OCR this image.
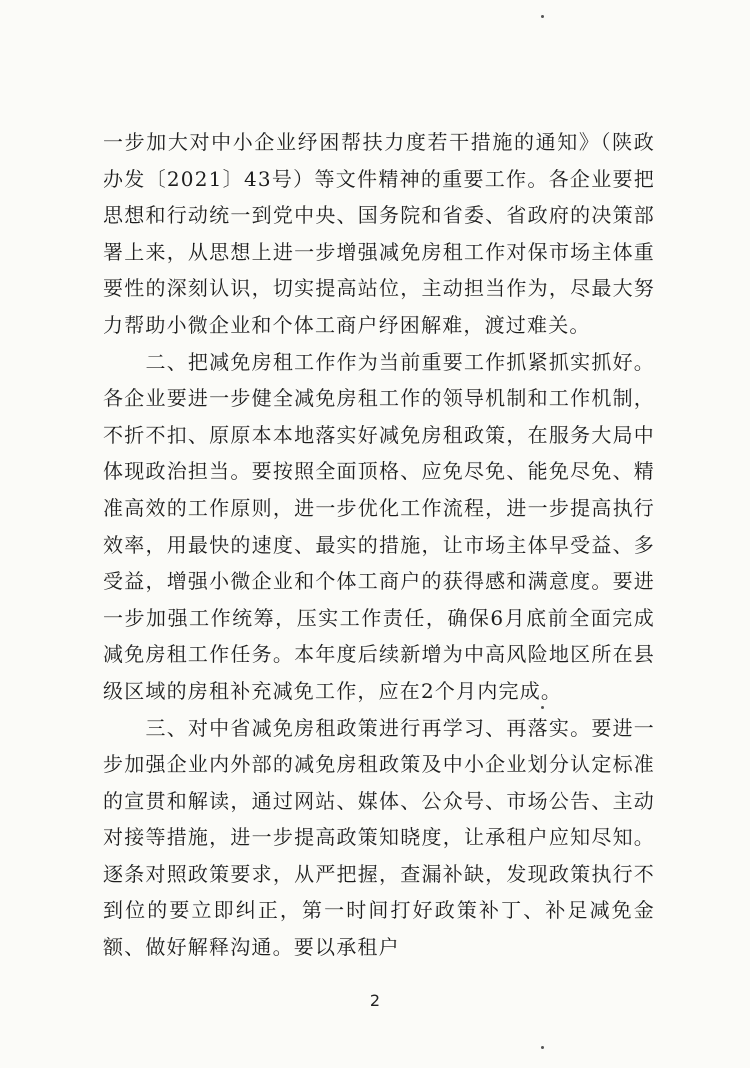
一步加大对中小企业纾困帮扶力度若干措施的通知》（陕政办发〔2021〕43号）等文件精神的重要工作。各企业要把思想和行动统一到党中央、国务院和省委、省政府的决策部署上来，从思想上进一步增强减免房租工作对保市场主体重要性的深刻认识，切实提高站位，主动担当作为，尽最大努力帮助小微企业和个体工商户纾困解难，渡过难关。

　　二、把减免房租工作作为当前重要工作抓紧抓实抓好。各企业要进一步健全减免房租工作的领导机制和工作机制，不折不扣、原原本本地落实好减免房租政策，在服务大局中体现政治担当。要按照全面顶格、应免尽免、能免尽免、精准高效的工作原则，进一步优化工作流程，进一步提高执行效率，用最快的速度、最实的措施，让市场主体早受益、多受益，增强小微企业和个体工商户的获得感和满意度。要进一步加强工作统筹，压实工作责任，确保6月底前全面完成减免房租工作任务。本年度后续新增为中高风险地区所在县级区域的房租补充减免工作，应在2个月内完成。

　　三、对中省减免房租政策进行再学习、再落实。要进一步加强企业内外部的减免房租政策及中小企业划分认定标准的宣贯和解读，通过网站、媒体、公众号、市场公告、主动对接等措施，进一步提高政策知晓度，让承租户应知尽知。逐条对照政策要求，从严把握，查漏补缺，发现政策执行不到位的要立即纠正，第一时间打好政策补丁、补足减免金额、做好解释沟通。要以承租户

2
